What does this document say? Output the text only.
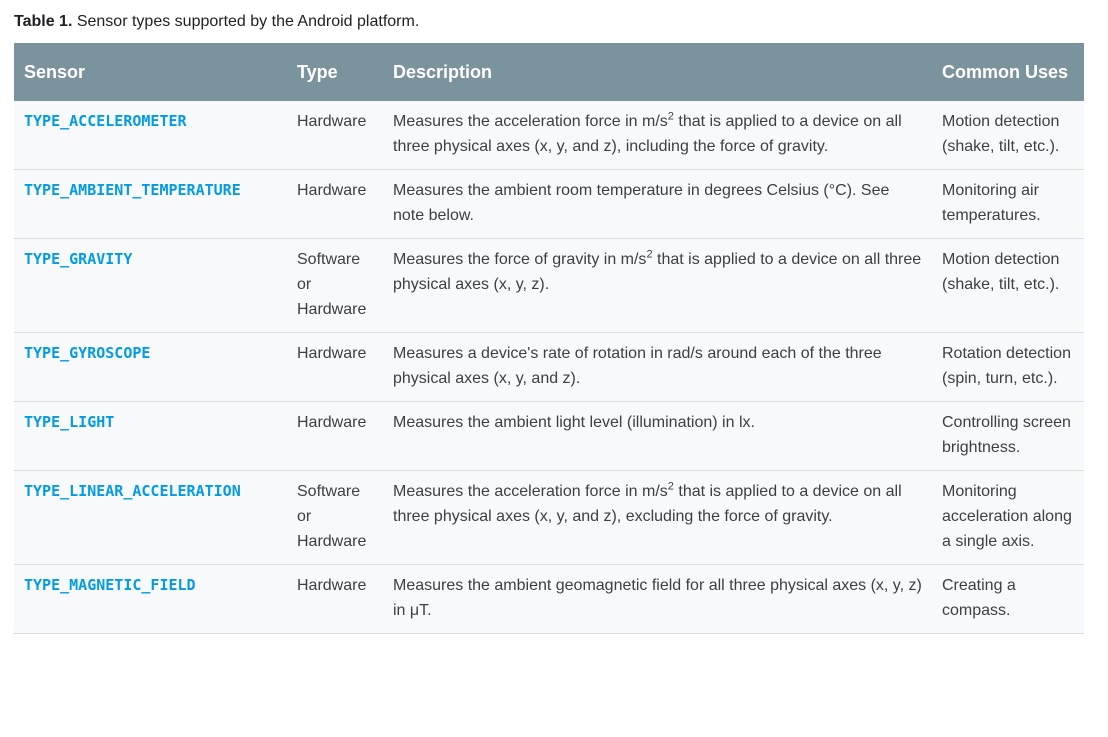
Table 1. Sensor types supported by the Android platform.
Sensor	Type	Description	Common Uses
TYPE_ACCELEROMETER	Hardware	Measures the acceleration force in $m/s^2$ that is applied to a device on all three physical axes (x, y, and z), including the force of gravity.	Motion detection (shake, tilt, etc.).
TYPE_AMBIENT_TEMPERATURE	Hardware	Measures the ambient room temperature in degrees Celsius (°C). See note below.	Monitoring air temperatures.
TYPE_GRAVITY	Software or Hardware	Measures the force of gravity in $m/s^2$ that is applied to a device on all three physical axes (x, y, z).	Motion detection (shake, tilt, etc.).
TYPE_GYROSCOPE	Hardware	Measures a device's rate of rotation in rad/s around each of the three physical axes (x, y, and z).	Rotation detection (spin, turn, etc.).
TYPE_LIGHT	Hardware	Measures the ambient light level (illumination) in lx.	Controlling screen brightness.
TYPE_LINEAR_ACCELERATION	Software or Hardware	Measures the acceleration force in $m/s^2$ that is applied to a device on all three physical axes (x, y, and z), excluding the force of gravity.	Monitoring acceleration along a single axis.
TYPE_MAGNETIC_FIELD	Hardware	Measures the ambient geomagnetic field for all three physical axes (x, y, z) in μT.	Creating a compass.
